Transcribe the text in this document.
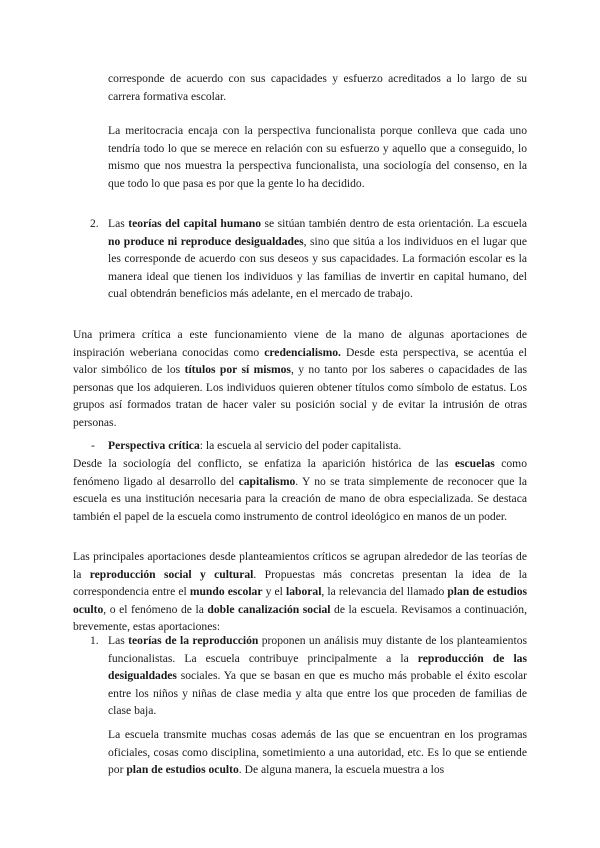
corresponde de acuerdo con sus capacidades y esfuerzo acreditados a lo largo de su carrera formativa escolar.

La meritocracia encaja con la perspectiva funcionalista porque conlleva que cada uno tendría todo lo que se merece en relación con su esfuerzo y aquello que a conseguido, lo mismo que nos muestra la perspectiva funcionalista, una sociología del consenso, en la que todo lo que pasa es por que la gente lo ha decidido.

2. Las teorías del capital humano se sitúan también dentro de esta orientación. La escuela no produce ni reproduce desigualdades, sino que sitúa a los individuos en el lugar que les corresponde de acuerdo con sus deseos y sus capacidades. La formación escolar es la manera ideal que tienen los individuos y las familias de invertir en capital humano, del cual obtendrán beneficios más adelante, en el mercado de trabajo.

Una primera crítica a este funcionamiento viene de la mano de algunas aportaciones de inspiración weberiana conocidas como credencialismo. Desde esta perspectiva, se acentúa el valor simbólico de los títulos por sí mismos, y no tanto por los saberes o capacidades de las personas que los adquieren. Los individuos quieren obtener títulos como símbolo de estatus. Los grupos así formados tratan de hacer valer su posición social y de evitar la intrusión de otras personas.

- Perspectiva crítica: la escuela al servicio del poder capitalista.

Desde la sociología del conflicto, se enfatiza la aparición histórica de las escuelas como fenómeno ligado al desarrollo del capitalismo. Y no se trata simplemente de reconocer que la escuela es una institución necesaria para la creación de mano de obra especializada. Se destaca también el papel de la escuela como instrumento de control ideológico en manos de un poder.

Las principales aportaciones desde planteamientos críticos se agrupan alrededor de las teorías de la reproducción social y cultural. Propuestas más concretas presentan la idea de la correspondencia entre el mundo escolar y el laboral, la relevancia del llamado plan de estudios oculto, o el fenómeno de la doble canalización social de la escuela. Revisamos a continuación, brevemente, estas aportaciones:

1. Las teorías de la reproducción proponen un análisis muy distante de los planteamientos funcionalistas. La escuela contribuye principalmente a la reproducción de las desigualdades sociales. Ya que se basan en que es mucho más probable el éxito escolar entre los niños y niñas de clase media y alta que entre los que proceden de familias de clase baja.

La escuela transmite muchas cosas además de las que se encuentran en los programas oficiales, cosas como disciplina, sometimiento a una autoridad, etc. Es lo que se entiende por plan de estudios oculto. De alguna manera, la escuela muestra a los
